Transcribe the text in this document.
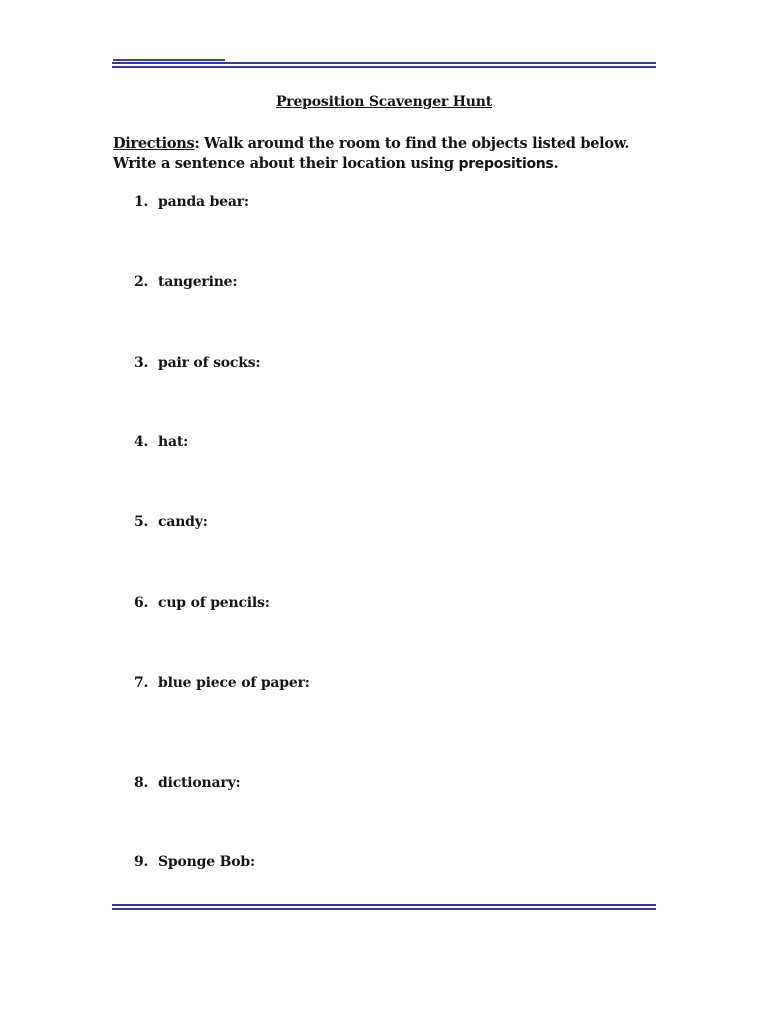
Preposition Scavenger Hunt
Directions: Walk around the room to find the objects listed below. Write a sentence about their location using prepositions.
1. panda bear:
2. tangerine:
3. pair of socks:
4. hat:
5. candy:
6. cup of pencils:
7. blue piece of paper:
8. dictionary:
9. Sponge Bob:
